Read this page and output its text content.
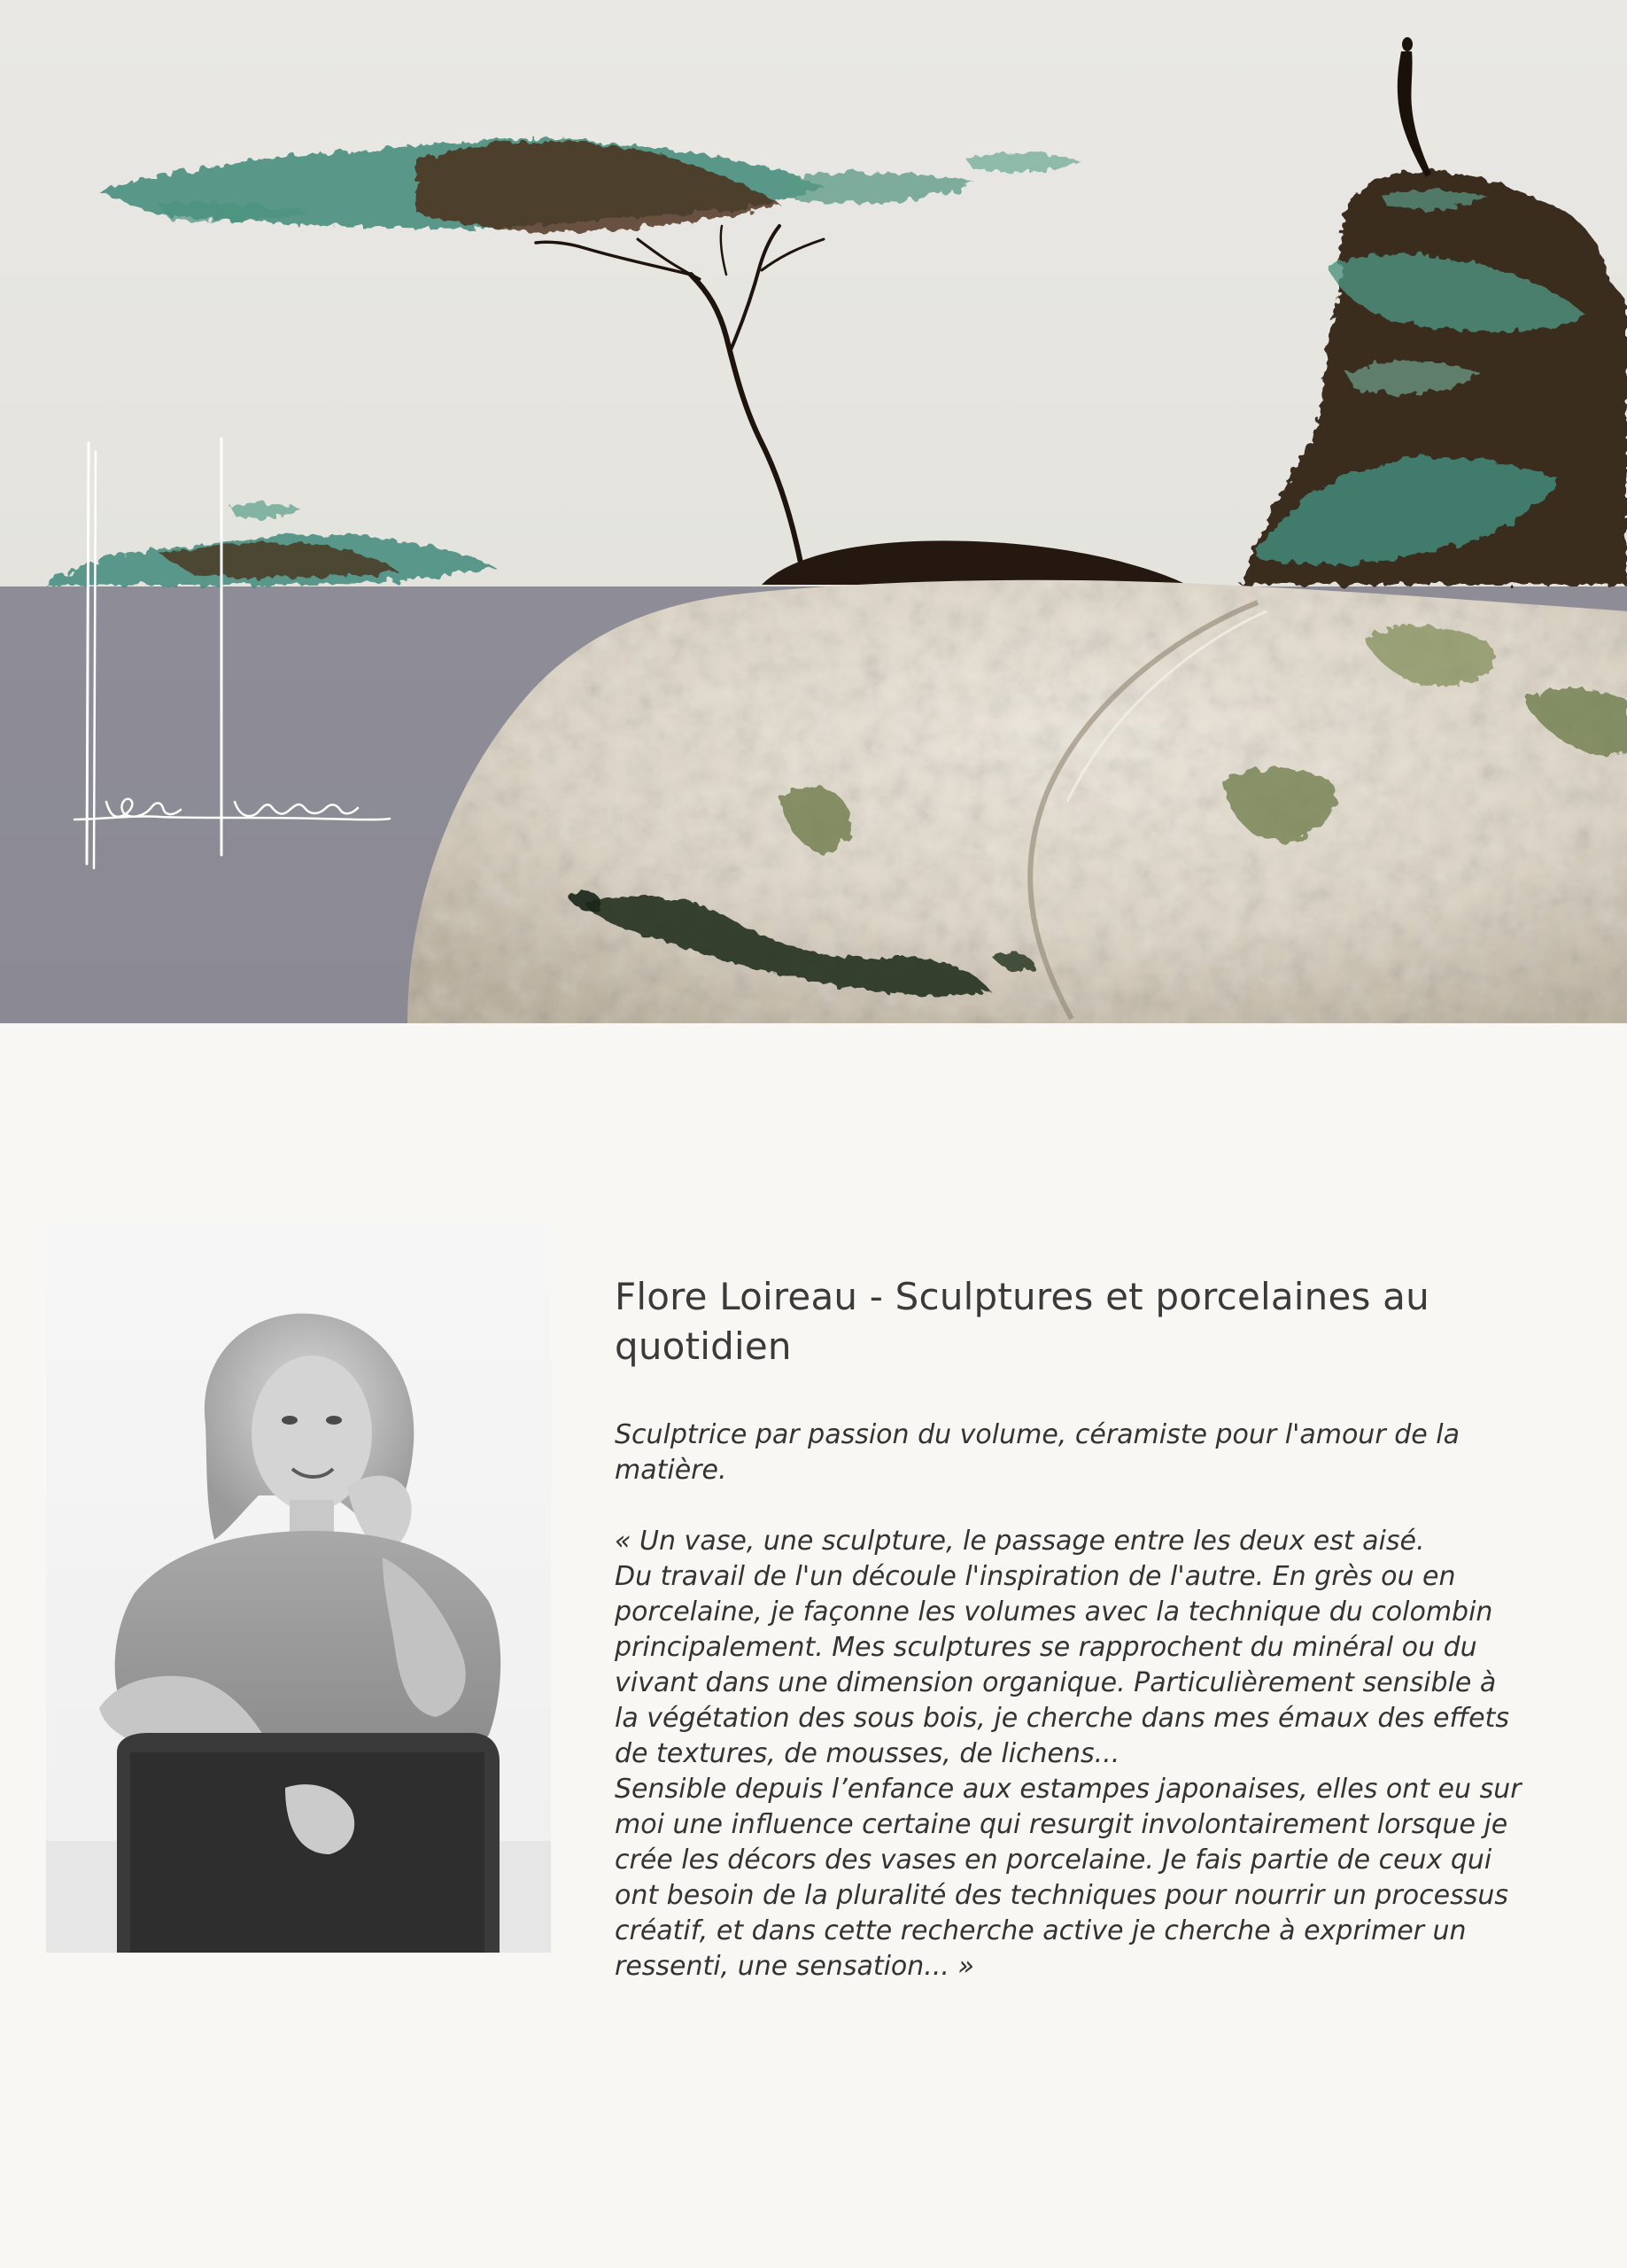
Flore Loireau - Sculptures et porcelaines au quotidien

Sculptrice par passion du volume, céramiste pour l'amour de la matière.

« Un vase, une sculpture, le passage entre les deux est aisé.

Du travail de l'un découle l'inspiration de l'autre. En grès ou en porcelaine, je façonne les volumes avec la technique du colombin principalement. Mes sculptures se rapprochent du minéral ou du vivant dans une dimension organique. Particulièrement sensible à la végétation des sous bois, je cherche dans mes émaux des effets de textures, de mousses, de lichens...

Sensible depuis l’enfance aux estampes japonaises, elles ont eu sur moi une influence certaine qui resurgit involontairement lorsque je crée les décors des vases en porcelaine. Je fais partie de ceux qui ont besoin de la pluralité des techniques pour nourrir un processus créatif, et dans cette recherche active je cherche à exprimer un ressenti, une sensation... »
